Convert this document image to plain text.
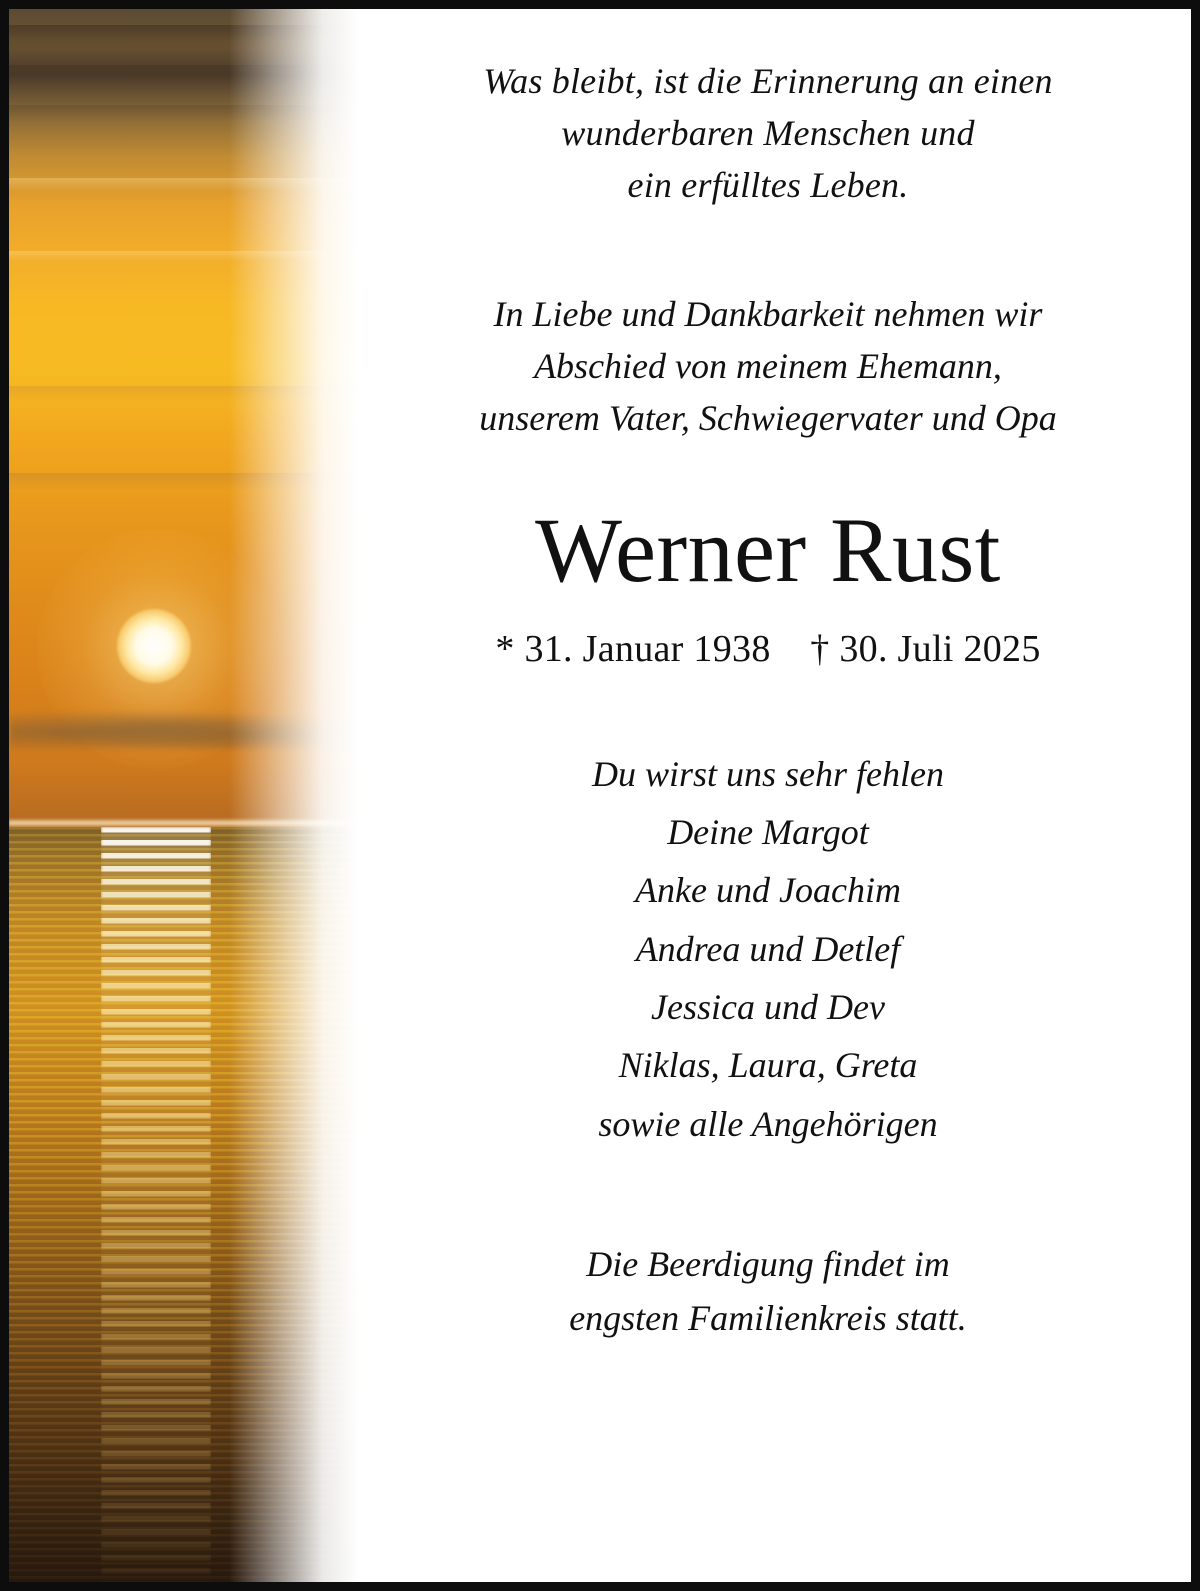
Was bleibt, ist die Erinnerung an einen
wunderbaren Menschen und
ein erfülltes Leben.
In Liebe und Dankbarkeit nehmen wir
Abschied von meinem Ehemann,
unserem Vater, Schwiegervater und Opa
Werner Rust
* 31. Januar 1938 † 30. Juli 2025
Du wirst uns sehr fehlen
Deine Margot
Anke und Joachim
Andrea und Detlef
Jessica und Dev
Niklas, Laura, Greta
sowie alle Angehörigen
Die Beerdigung findet im
engsten Familienkreis statt.
